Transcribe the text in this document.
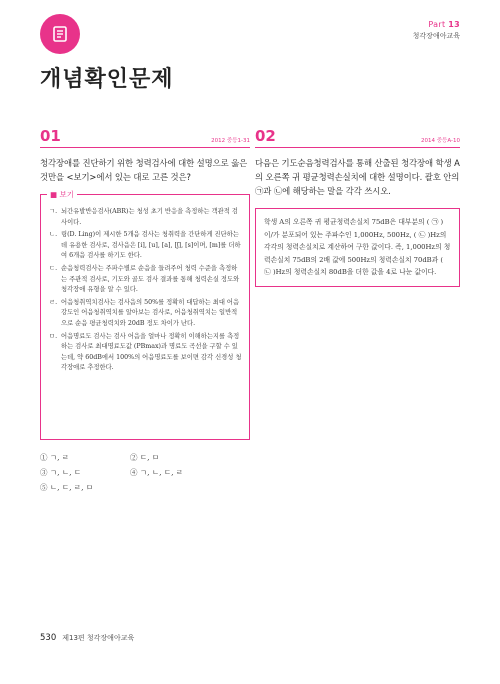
Part 13
청각장애아교육
개념확인문제
01	2012 중등1-31
청각장애를 진단하기 위한 청력검사에 대한 설명으로 옳은 것만을 <보기>에서 있는 대로 고른 것은?
■ 보기
ㄱ. 뇌간유발반응검사(ABR)는 청성 초기 반응을 측정하는 객관적 검사이다.
ㄴ. 링(D. Ling)이 제시한 5개음 검사는 청취력을 간단하게 진단하는 데 유용한 검사로, 검사음은 [i], [u], [a], [ʃ], [s]이며, [m]를 더하여 6개음 검사를 하기도 한다.
ㄷ. 순음청력검사는 주파수별로 순음을 들려주어 청력 수준을 측정하는 주관적 검사로, 기도와 골도 검사 결과를 통해 청력손실 정도와 청각장애 유형을 알 수 있다.
ㄹ. 어음청취역치검사는 검사음의 50%를 정확히 대답하는 최대 어음 강도인 어음청취역치를 알아보는 검사로, 어음청취역치는 일반적으로 순음 평균청력치와 20dB 정도 차이가 난다.
ㅁ. 어음명료도 검사는 검사 어음을 얼마나 정확히 이해하는지를 측정하는 검사로 최대명료도값 (PBmax)과 명료도 곡선을 구할 수 있는데, 약 60dB에서 100%의 어음명료도를 보이면 감각 신경성 청각장애로 추정한다.
① ㄱ, ㄹ	② ㄷ, ㅁ
③ ㄱ, ㄴ, ㄷ	④ ㄱ, ㄴ, ㄷ, ㄹ
⑤ ㄴ, ㄷ, ㄹ, ㅁ
02	2014 중등A-10
다음은 기도순음청력검사를 통해 산출된 청각장애 학생 A의 오른쪽 귀 평균청력손실치에 대한 설명이다. 괄호 안의 ㉠과 ㉡에 해당하는 말을 각각 쓰시오.
학생 A의 오른쪽 귀 평균청력손실치 75dB은 대부분의 ( ㉠ )이/가 분포되어 있는 주파수인 1,000Hz, 500Hz, ( ㉡ )Hz의 각각의 청력손실치로 계산하여 구한 값이다. 즉, 1,000Hz의 청력손실치 75dB의 2배 값에 500Hz의 청력손실치 70dB과 ( ㉡ )Hz의 청력손실치 80dB을 더한 값을 4로 나눈 값이다.
530 제13편 청각장애아교육
